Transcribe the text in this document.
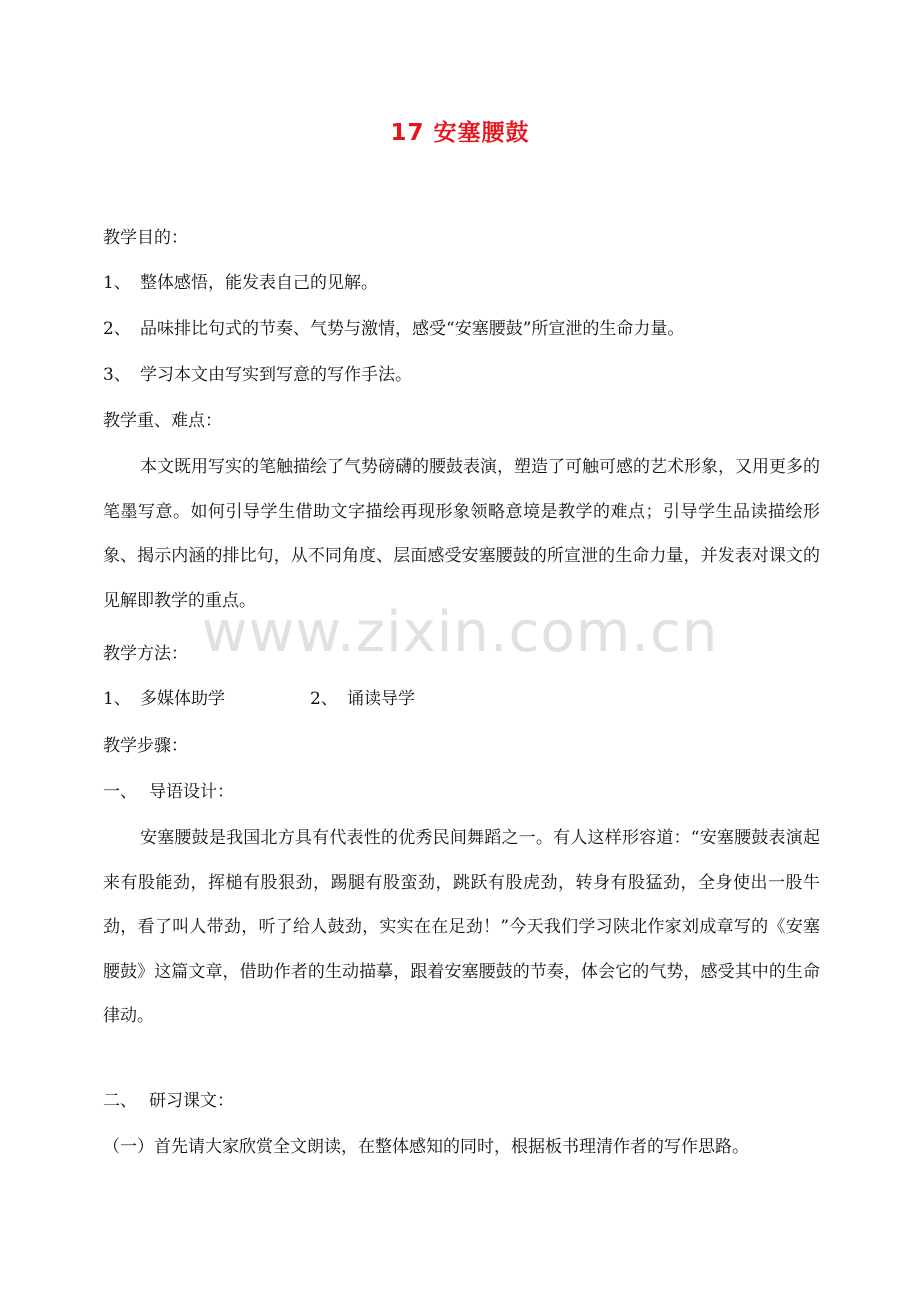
17 安塞腰鼓
教学目的：
1、 整体感悟，能发表自己的见解。
2、 品味排比句式的节奏、气势与激情，感受“安塞腰鼓”所宣泄的生命力量。
3、 学习本文由写实到写意的写作手法。
教学重、难点：
本文既用写实的笔触描绘了气势磅礴的腰鼓表演，塑造了可触可感的艺术形象，又用更多的笔墨写意。如何引导学生借助文字描绘再现形象领略意境是教学的难点；引导学生品读描绘形象、揭示内涵的排比句，从不同角度、层面感受安塞腰鼓的所宣泄的生命力量，并发表对课文的见解即教学的重点。
教学方法：
1、 多媒体助学	2、 诵读导学
教学步骤：
一、 导语设计：
安塞腰鼓是我国北方具有代表性的优秀民间舞蹈之一。有人这样形容道：“安塞腰鼓表演起来有股能劲，挥槌有股狠劲，踢腿有股蛮劲，跳跃有股虎劲，转身有股猛劲，全身使出一股牛劲，看了叫人带劲，听了给人鼓劲，实实在在足劲！”今天我们学习陕北作家刘成章写的《安塞腰鼓》这篇文章，借助作者的生动描摹，跟着安塞腰鼓的节奏，体会它的气势，感受其中的生命律动。
二、 研习课文：
（一）首先请大家欣赏全文朗读，在整体感知的同时，根据板书理清作者的写作思路。
www.zixin.com.cn
